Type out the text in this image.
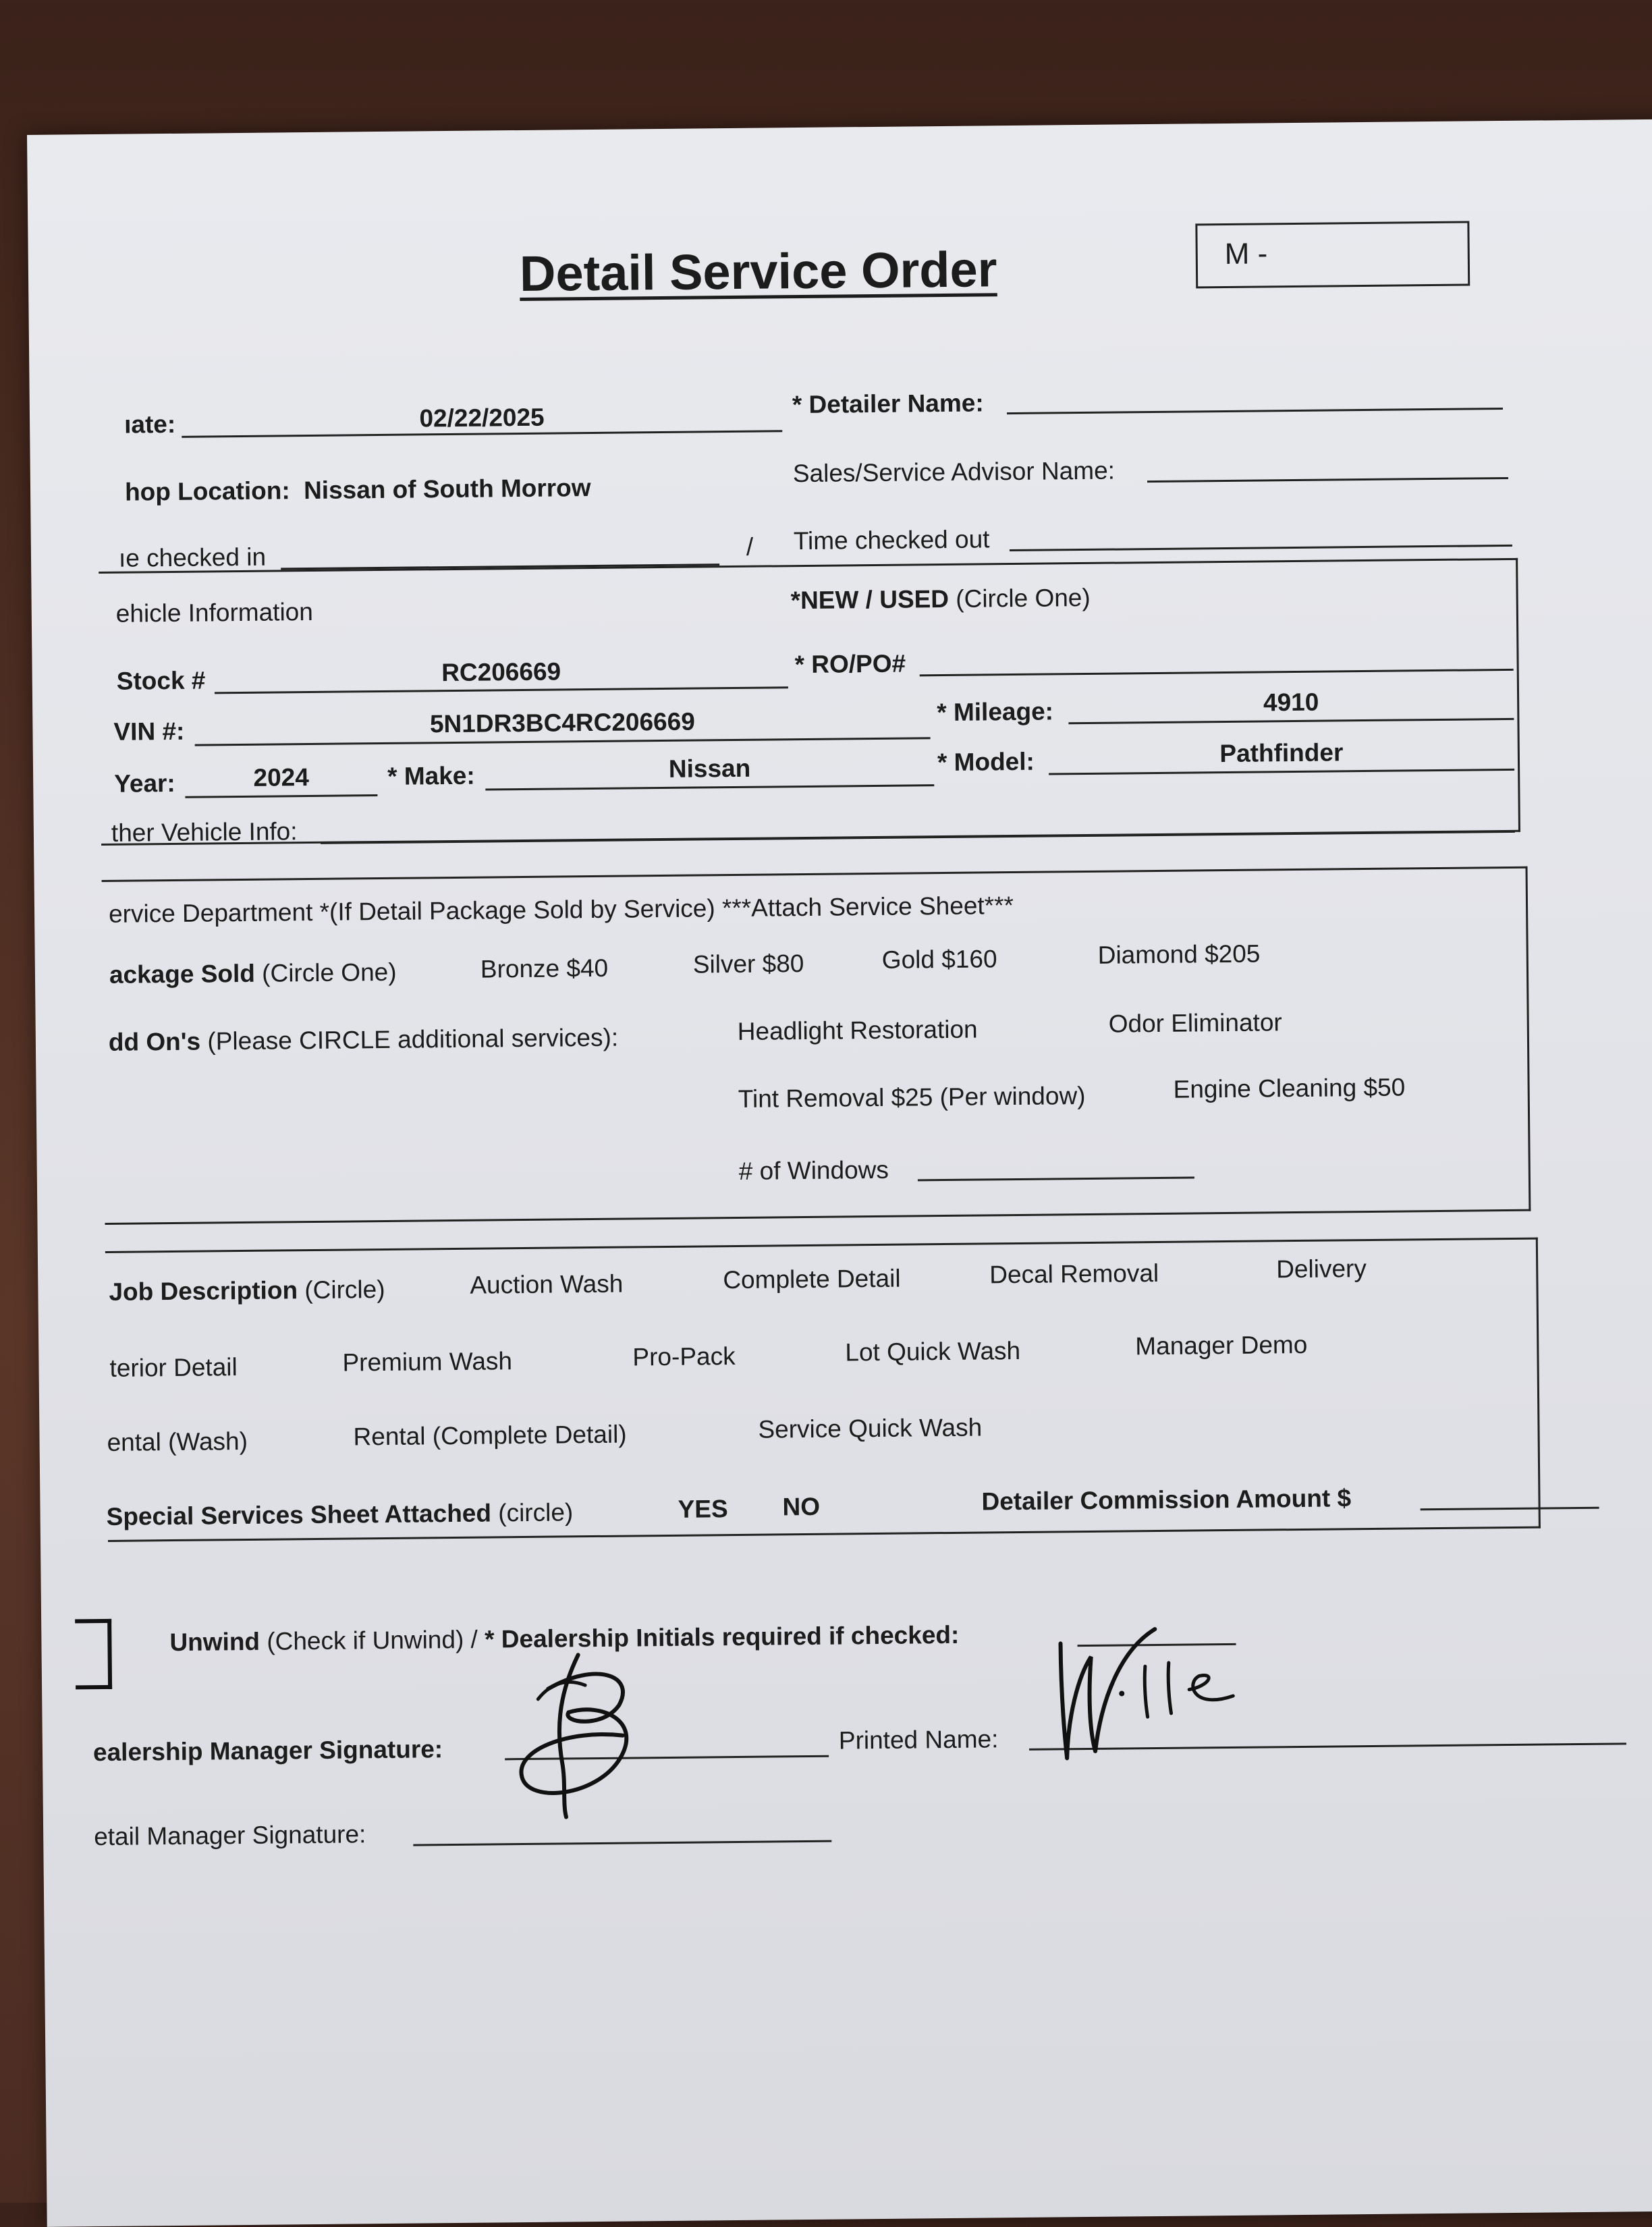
Detail Service Order	M -
ıate:	02/22/2025	* Detailer Name:
hop Location: Nissan of South Morrow
Sales/Service Advisor Name:
ıe checked in	/ Time checked out
ehicle Information	*NEW / USED (Circle One)
Stock #	RC206669	* RO/PO#
VIN #:	5N1DR3BC4RC206669	* Mileage:	4910
Year:	2024	* Make:	Nissan	* Model:	Pathfinder
ther Vehicle Info:
ervice Department *(If Detail Package Sold by Service) ***Attach Service Sheet***
ackage Sold (Circle One)	Bronze $40	Silver $80	Gold $160	Diamond $205
dd On's (Please CIRCLE additional services):	Headlight Restoration	Odor Eliminator
Tint Removal $25 (Per window)	Engine Cleaning $50
# of Windows
Job Description (Circle)	Auction Wash	Complete Detail	Decal Removal	Delivery
terior Detail	Premium Wash	Pro-Pack	Lot Quick Wash	Manager Demo
ental (Wash)	Rental (Complete Detail)	Service Quick Wash
Special Services Sheet Attached (circle)	YES NO	Detailer Commission Amount $
Unwind (Check if Unwind) / * Dealership Initials required if checked:
ealership Manager Signature:	Printed Name:
etail Manager Signature:
